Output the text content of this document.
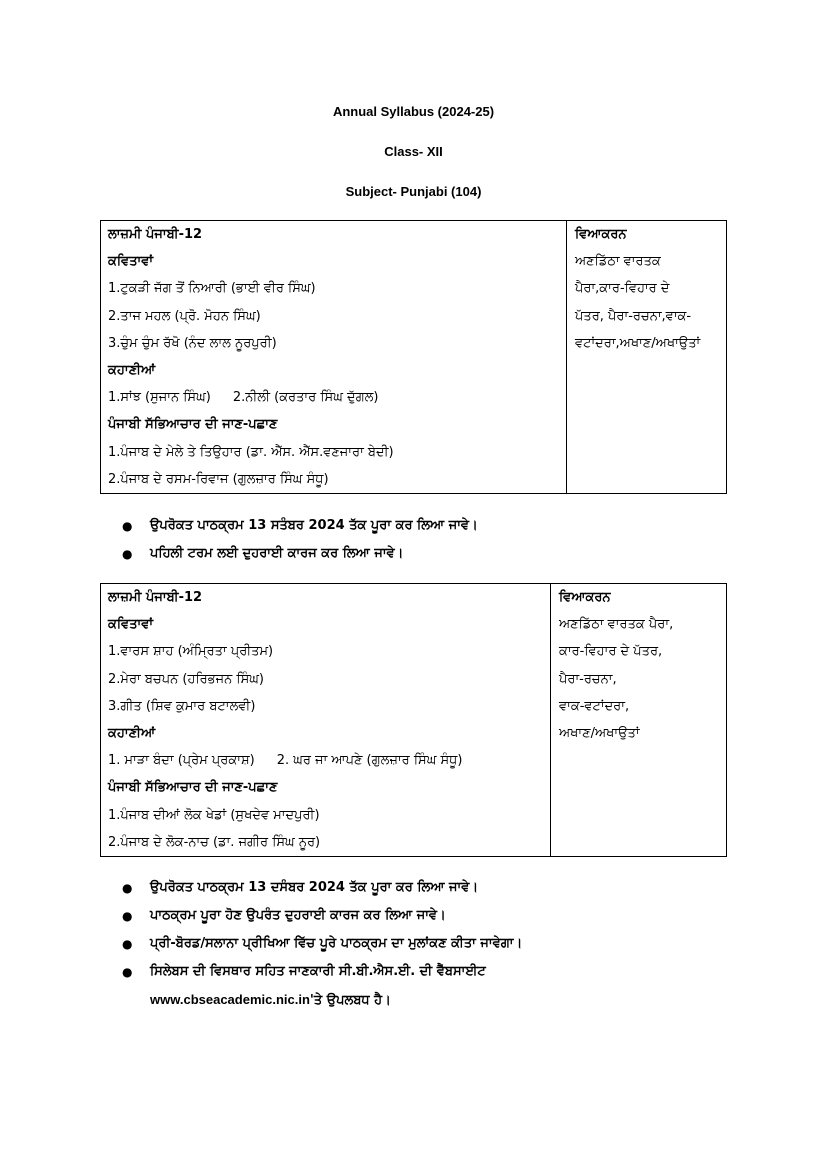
Annual Syllabus (2024-25)
Class- XII
Subject- Punjabi (104)
ਲਾਜ਼ਮੀ ਪੰਜਾਬੀ-12
ਕਵਿਤਾਵਾਂ
1.ਟੁਕੜੀ ਜੱਗ ਤੋਂ ਨਿਆਰੀ (ਭਾਈ ਵੀਰ ਸਿੰਘ)
2.ਤਾਜ ਮਹਲ (ਪ੍ਰੋ. ਮੋਹਨ ਸਿੰਘ)
3.ਚੁੰਮ ਚੁੰਮ ਰੱਖੋ (ਨੰਦ ਲਾਲ ਨੂਰਪੁਰੀ)
ਕਹਾਣੀਆਂ
1.ਸਾਂਝ (ਸੁਜਾਨ ਸਿੰਘ) 2.ਨੀਲੀ (ਕਰਤਾਰ ਸਿੰਘ ਦੁੱਗਲ)
ਪੰਜਾਬੀ ਸੱਭਿਆਚਾਰ ਦੀ ਜਾਣ-ਪਛਾਣ
1.ਪੰਜਾਬ ਦੇ ਮੇਲੇ ਤੇ ਤਿਉਹਾਰ (ਡਾ. ਐੱਸ. ਐੱਸ.ਵਣਜਾਰਾ ਬੇਦੀ)
2.ਪੰਜਾਬ ਦੇ ਰਸਮ-ਰਿਵਾਜ (ਗੁਲਜ਼ਾਰ ਸਿੰਘ ਸੰਧੂ)

ਵਿਆਕਰਨ
ਅਣਡਿੱਠਾ ਵਾਰਤਕ
ਪੈਰਾ,ਕਾਰ-ਵਿਹਾਰ ਦੇ
ਪੱਤਰ, ਪੈਰਾ-ਰਚਨਾ,ਵਾਕ-
ਵਟਾਂਦਰਾ,ਅਖਾਣ/ਅਖਾਉਤਾਂ
● ਉਪਰੋਕਤ ਪਾਠਕ੍ਰਮ 13 ਸਤੰਬਰ 2024 ਤੱਕ ਪੂਰਾ ਕਰ ਲਿਆ ਜਾਵੇ।
● ਪਹਿਲੀ ਟਰਮ ਲਈ ਦੁਹਰਾਈ ਕਾਰਜ ਕਰ ਲਿਆ ਜਾਵੇ।
ਲਾਜ਼ਮੀ ਪੰਜਾਬੀ-12
ਕਵਿਤਾਵਾਂ
1.ਵਾਰਸ ਸ਼ਾਹ (ਅੰਮ੍ਰਿਤਾ ਪ੍ਰੀਤਮ)
2.ਮੇਰਾ ਬਚਪਨ (ਹਰਿਭਜਨ ਸਿੰਘ)
3.ਗੀਤ (ਸ਼ਿਵ ਕੁਮਾਰ ਬਟਾਲਵੀ)
ਕਹਾਣੀਆਂ
1. ਮਾੜਾ ਬੰਦਾ (ਪ੍ਰੇਮ ਪ੍ਰਕਾਸ਼) 2. ਘਰ ਜਾ ਆਪਣੇ (ਗੁਲਜ਼ਾਰ ਸਿੰਘ ਸੰਧੂ)
ਪੰਜਾਬੀ ਸੱਭਿਆਚਾਰ ਦੀ ਜਾਣ-ਪਛਾਣ
1.ਪੰਜਾਬ ਦੀਆਂ ਲੋਕ ਖੇਡਾਂ (ਸੁਖਦੇਵ ਮਾਦਪੁਰੀ)
2.ਪੰਜਾਬ ਦੇ ਲੋਕ-ਨਾਚ (ਡਾ. ਜਗੀਰ ਸਿੰਘ ਨੂਰ)

ਵਿਆਕਰਨ
ਅਣਡਿੱਠਾ ਵਾਰਤਕ ਪੈਰਾ,
ਕਾਰ-ਵਿਹਾਰ ਦੇ ਪੱਤਰ,
ਪੈਰਾ-ਰਚਨਾ,
ਵਾਕ-ਵਟਾਂਦਰਾ,
ਅਖਾਣ/ਅਖਾਉਤਾਂ
● ਉਪਰੋਕਤ ਪਾਠਕ੍ਰਮ 13 ਦਸੰਬਰ 2024 ਤੱਕ ਪੂਰਾ ਕਰ ਲਿਆ ਜਾਵੇ।
● ਪਾਠਕ੍ਰਮ ਪੂਰਾ ਹੋਣ ਉਪਰੰਤ ਦੁਹਰਾਈ ਕਾਰਜ ਕਰ ਲਿਆ ਜਾਵੇ।
● ਪ੍ਰੀ-ਬੋਰਡ/ਸਲਾਨਾ ਪ੍ਰੀਖਿਆ ਵਿੱਚ ਪੂਰੇ ਪਾਠਕ੍ਰਮ ਦਾ ਮੁਲਾਂਕਣ ਕੀਤਾ ਜਾਵੇਗਾ।
● ਸਿਲੇਬਸ ਦੀ ਵਿਸਥਾਰ ਸਹਿਤ ਜਾਣਕਾਰੀ ਸੀ.ਬੀ.ਐਸ.ਈ. ਦੀ ਵੈੱਬਸਾਈਟ
www.cbseacademic.nic.in'ਤੇ ਉਪਲਬਧ ਹੈ।
